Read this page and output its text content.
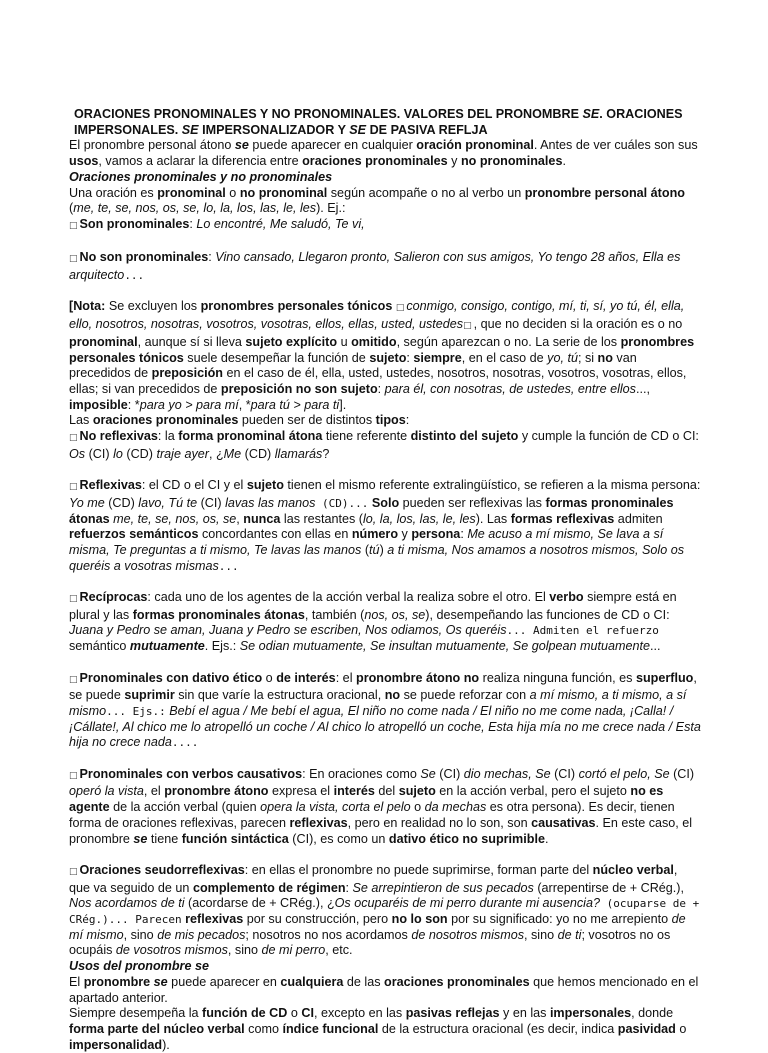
ORACIONES PRONOMINALES Y NO PRONOMINALES. VALORES DEL PRONOMBRE SE. ORACIONES IMPERSONALES. SE IMPERSONALIZADOR Y SE DE PASIVA REFLJA

El pronombre personal átono se puede aparecer en cualquier oración pronominal. Antes de ver cuáles son sus usos, vamos a aclarar la diferencia entre oraciones pronominales y no pronominales.

Oraciones pronominales y no pronominales

Una oración es pronominal o no pronominal según acompañe o no al verbo un pronombre personal átono (me, te, se, nos, os, se, lo, la, los, las, le, les). Ej.:

□ Son pronominales: Lo encontré, Me saludó, Te vi,

□ No son pronominales: Vino cansado, Llegaron pronto, Salieron con sus amigos, Yo tengo 28 años, Ella es arquitecto...

[Nota: Se excluyen los pronombres personales tónicos □ conmigo, consigo, contigo, mí, ti, sí, yo tú, él, ella, ello, nosotros, nosotras, vosotros, vosotras, ellos, ellas, usted, ustedes□ , que no deciden si la oración es o no pronominal, aunque sí si lleva sujeto explícito u omitido, según aparezcan o no. La serie de los pronombres personales tónicos suele desempeñar la función de sujeto: siempre, en el caso de yo, tú; si no van precedidos de preposición en el caso de él, ella, usted, ustedes, nosotros, nosotras, vosotros, vosotras, ellos, ellas; si van precedidos de preposición no son sujeto: para él, con nosotras, de ustedes, entre ellos..., imposible: *para yo > para mí, *para tú > para ti].

Las oraciones pronominales pueden ser de distintos tipos:

□ No reflexivas: la forma pronominal átona tiene referente distinto del sujeto y cumple la función de CD o CI: Os (CI) lo (CD) traje ayer, ¿Me (CD) llamarás?

□ Reflexivas: el CD o el CI y el sujeto tienen el mismo referente extralingüístico, se refieren a la misma persona: Yo me (CD) lavo, Tú te (CI) lavas las manos (CD)... Solo pueden ser reflexivas las formas pronominales átonas me, te, se, nos, os, se, nunca las restantes (lo, la, los, las, le, les). Las formas reflexivas admiten refuerzos semánticos concordantes con ellas en número y persona: Me acuso a mí mismo, Se lava a sí misma, Te preguntas a ti mismo, Te lavas las manos (tú) a ti misma, Nos amamos a nosotros mismos, Solo os queréis a vosotras mismas...

□ Recíprocas: cada uno de los agentes de la acción verbal la realiza sobre el otro. El verbo siempre está en plural y las formas pronominales átonas, también (nos, os, se), desempeñando las funciones de CD o CI: Juana y Pedro se aman, Juana y Pedro se escriben, Nos odiamos, Os queréis... Admiten el refuerzo semántico mutuamente. Ejs.: Se odian mutuamente, Se insultan mutuamente, Se golpean mutuamente...

□ Pronominales con dativo ético o de interés: el pronombre átono no realiza ninguna función, es superfluo, se puede suprimir sin que varíe la estructura oracional, no se puede reforzar con a mí mismo, a ti mismo, a sí mismo... Ejs.: Bebí el agua / Me bebí el agua, El niño no come nada / El niño no me come nada, ¡Calla! / ¡Cállate!, Al chico me lo atropelló un coche / Al chico lo atropelló un coche, Esta hija mía no me crece nada / Esta hija no crece nada....

□ Pronominales con verbos causativos: En oraciones como Se (CI) dio mechas, Se (CI) cortó el pelo, Se (CI) operó la vista, el pronombre átono expresa el interés del sujeto en la acción verbal, pero el sujeto no es agente de la acción verbal (quien opera la vista, corta el pelo o da mechas es otra persona). Es decir, tienen forma de oraciones reflexivas, parecen reflexivas, pero en realidad no lo son, son causativas. En este caso, el pronombre se tiene función sintáctica (CI), es como un dativo ético no suprimible.

□ Oraciones seudorreflexivas: en ellas el pronombre no puede suprimirse, forman parte del núcleo verbal, que va seguido de un complemento de régimen: Se arrepintieron de sus pecados (arrepentirse de + CRég.), Nos acordamos de ti (acordarse de + CRég.), ¿Os ocuparéis de mi perro durante mi ausencia? (ocuparse de + CRég.)... Parecen reflexivas por su construcción, pero no lo son por su significado: yo no me arrepiento de mí mismo, sino de mis pecados; nosotros no nos acordamos de nosotros mismos, sino de ti; vosotros no os ocupáis de vosotros mismos, sino de mi perro, etc.

Usos del pronombre se

El pronombre se puede aparecer en cualquiera de las oraciones pronominales que hemos mencionado en el apartado anterior.

Siempre desempeña la función de CD o CI, excepto en las pasivas reflejas y en las impersonales, donde forma parte del núcleo verbal como índice funcional de la estructura oracional (es decir, indica pasividad o impersonalidad).
